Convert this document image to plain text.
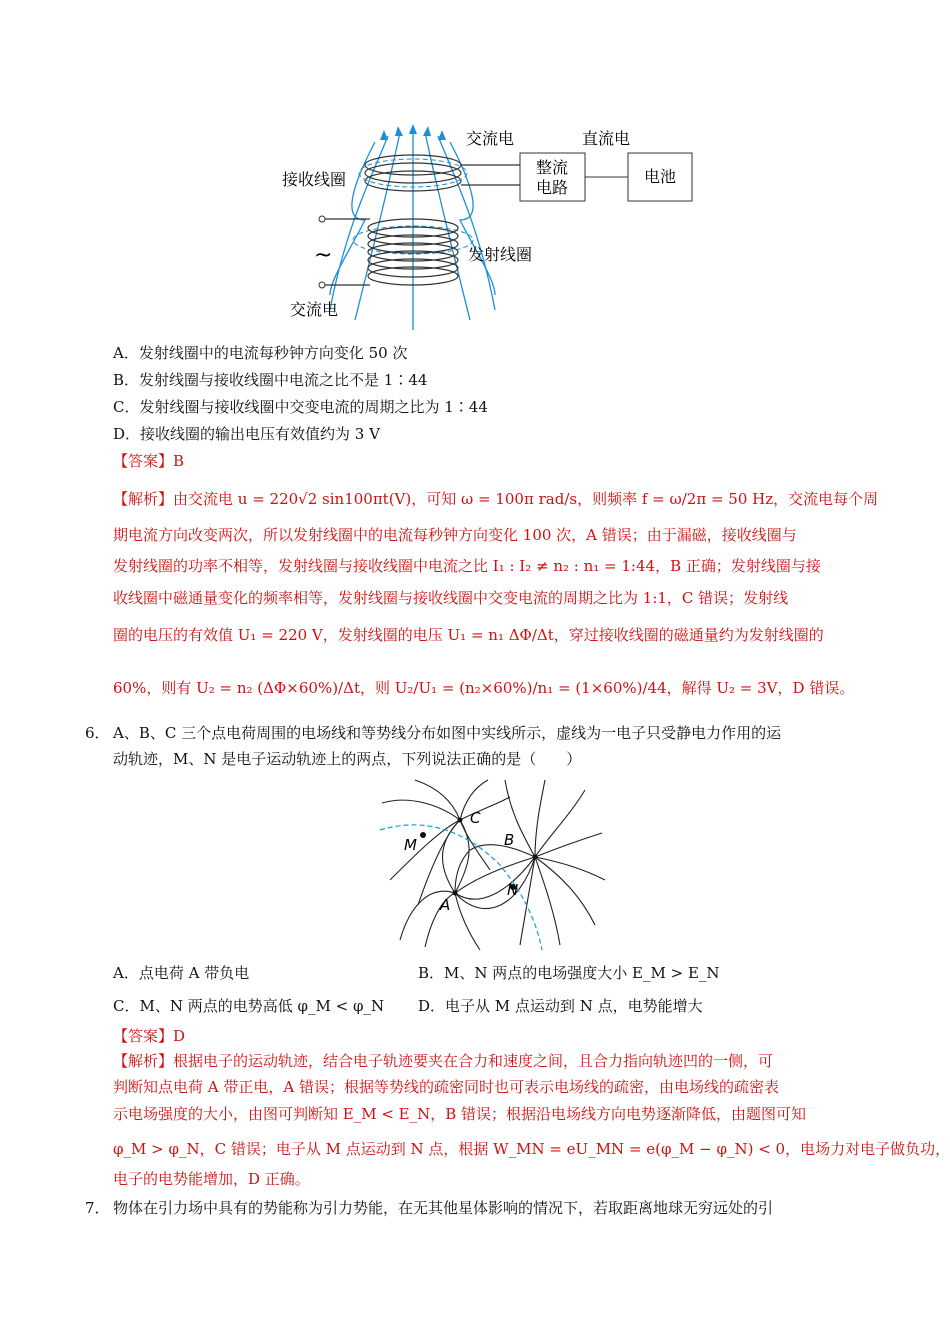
交流电	直流电
整流
电路
电池
接收线圈
发射线圈
~
交流电
A．发射线圈中的电流每秒钟方向变化 50 次
B．发射线圈与接收线圈中电流之比不是 1∶44
C．发射线圈与接收线圈中交变电流的周期之比为 1∶44
D．接收线圈的输出电压有效值约为 3 V
【答案】B
【解析】由交流电 u = 220√2 sin100πt(V)，可知 ω = 100π rad/s，则频率 f = ω/2π = 50 Hz，交流电每个周
期电流方向改变两次，所以发射线圈中的电流每秒钟方向变化 100 次，A 错误；由于漏磁，接收线圈与
发射线圈的功率不相等，发射线圈与接收线圈中电流之比 I₁ : I₂ ≠ n₂ : n₁ = 1:44，B 正确；发射线圈与接
收线圈中磁通量变化的频率相等，发射线圈与接收线圈中交变电流的周期之比为 1:1，C 错误；发射线
圈的电压的有效值 U₁ = 220 V，发射线圈的电压 U₁ = n₁ ΔΦ/Δt，穿过接收线圈的磁通量约为发射线圈的
60%，则有 U₂ = n₂ (ΔΦ×60%)/Δt，则 U₂/U₁ = (n₂×60%)/n₁ = (1×60%)/44，解得 U₂ = 3V，D 错误。
6． A、B、C 三个点电荷周围的电场线和等势线分布如图中实线所示，虚线为一电子只受静电力作用的运
动轨迹，M、N 是电子运动轨迹上的两点，下列说法正确的是（　　）
C
M	B
A
N
A．点电荷 A 带负电	B．M、N 两点的电场强度大小 E_M > E_N
C．M、N 两点的电势高低 φ_M < φ_N D．电子从 M 点运动到 N 点，电势能增大
【答案】D
【解析】根据电子的运动轨迹，结合电子轨迹要夹在合力和速度之间，且合力指向轨迹凹的一侧，可
判断知点电荷 A 带正电，A 错误；根据等势线的疏密同时也可表示电场线的疏密，由电场线的疏密表
示电场强度的大小，由图可判断知 E_M < E_N，B 错误；根据沿电场线方向电势逐渐降低，由题图可知
φ_M > φ_N，C 错误；电子从 M 点运动到 N 点，根据 W_MN = eU_MN = e(φ_M − φ_N) < 0，电场力对电子做负功，
电子的电势能增加，D 正确。
7． 物体在引力场中具有的势能称为引力势能，在无其他星体影响的情况下，若取距离地球无穷远处的引
